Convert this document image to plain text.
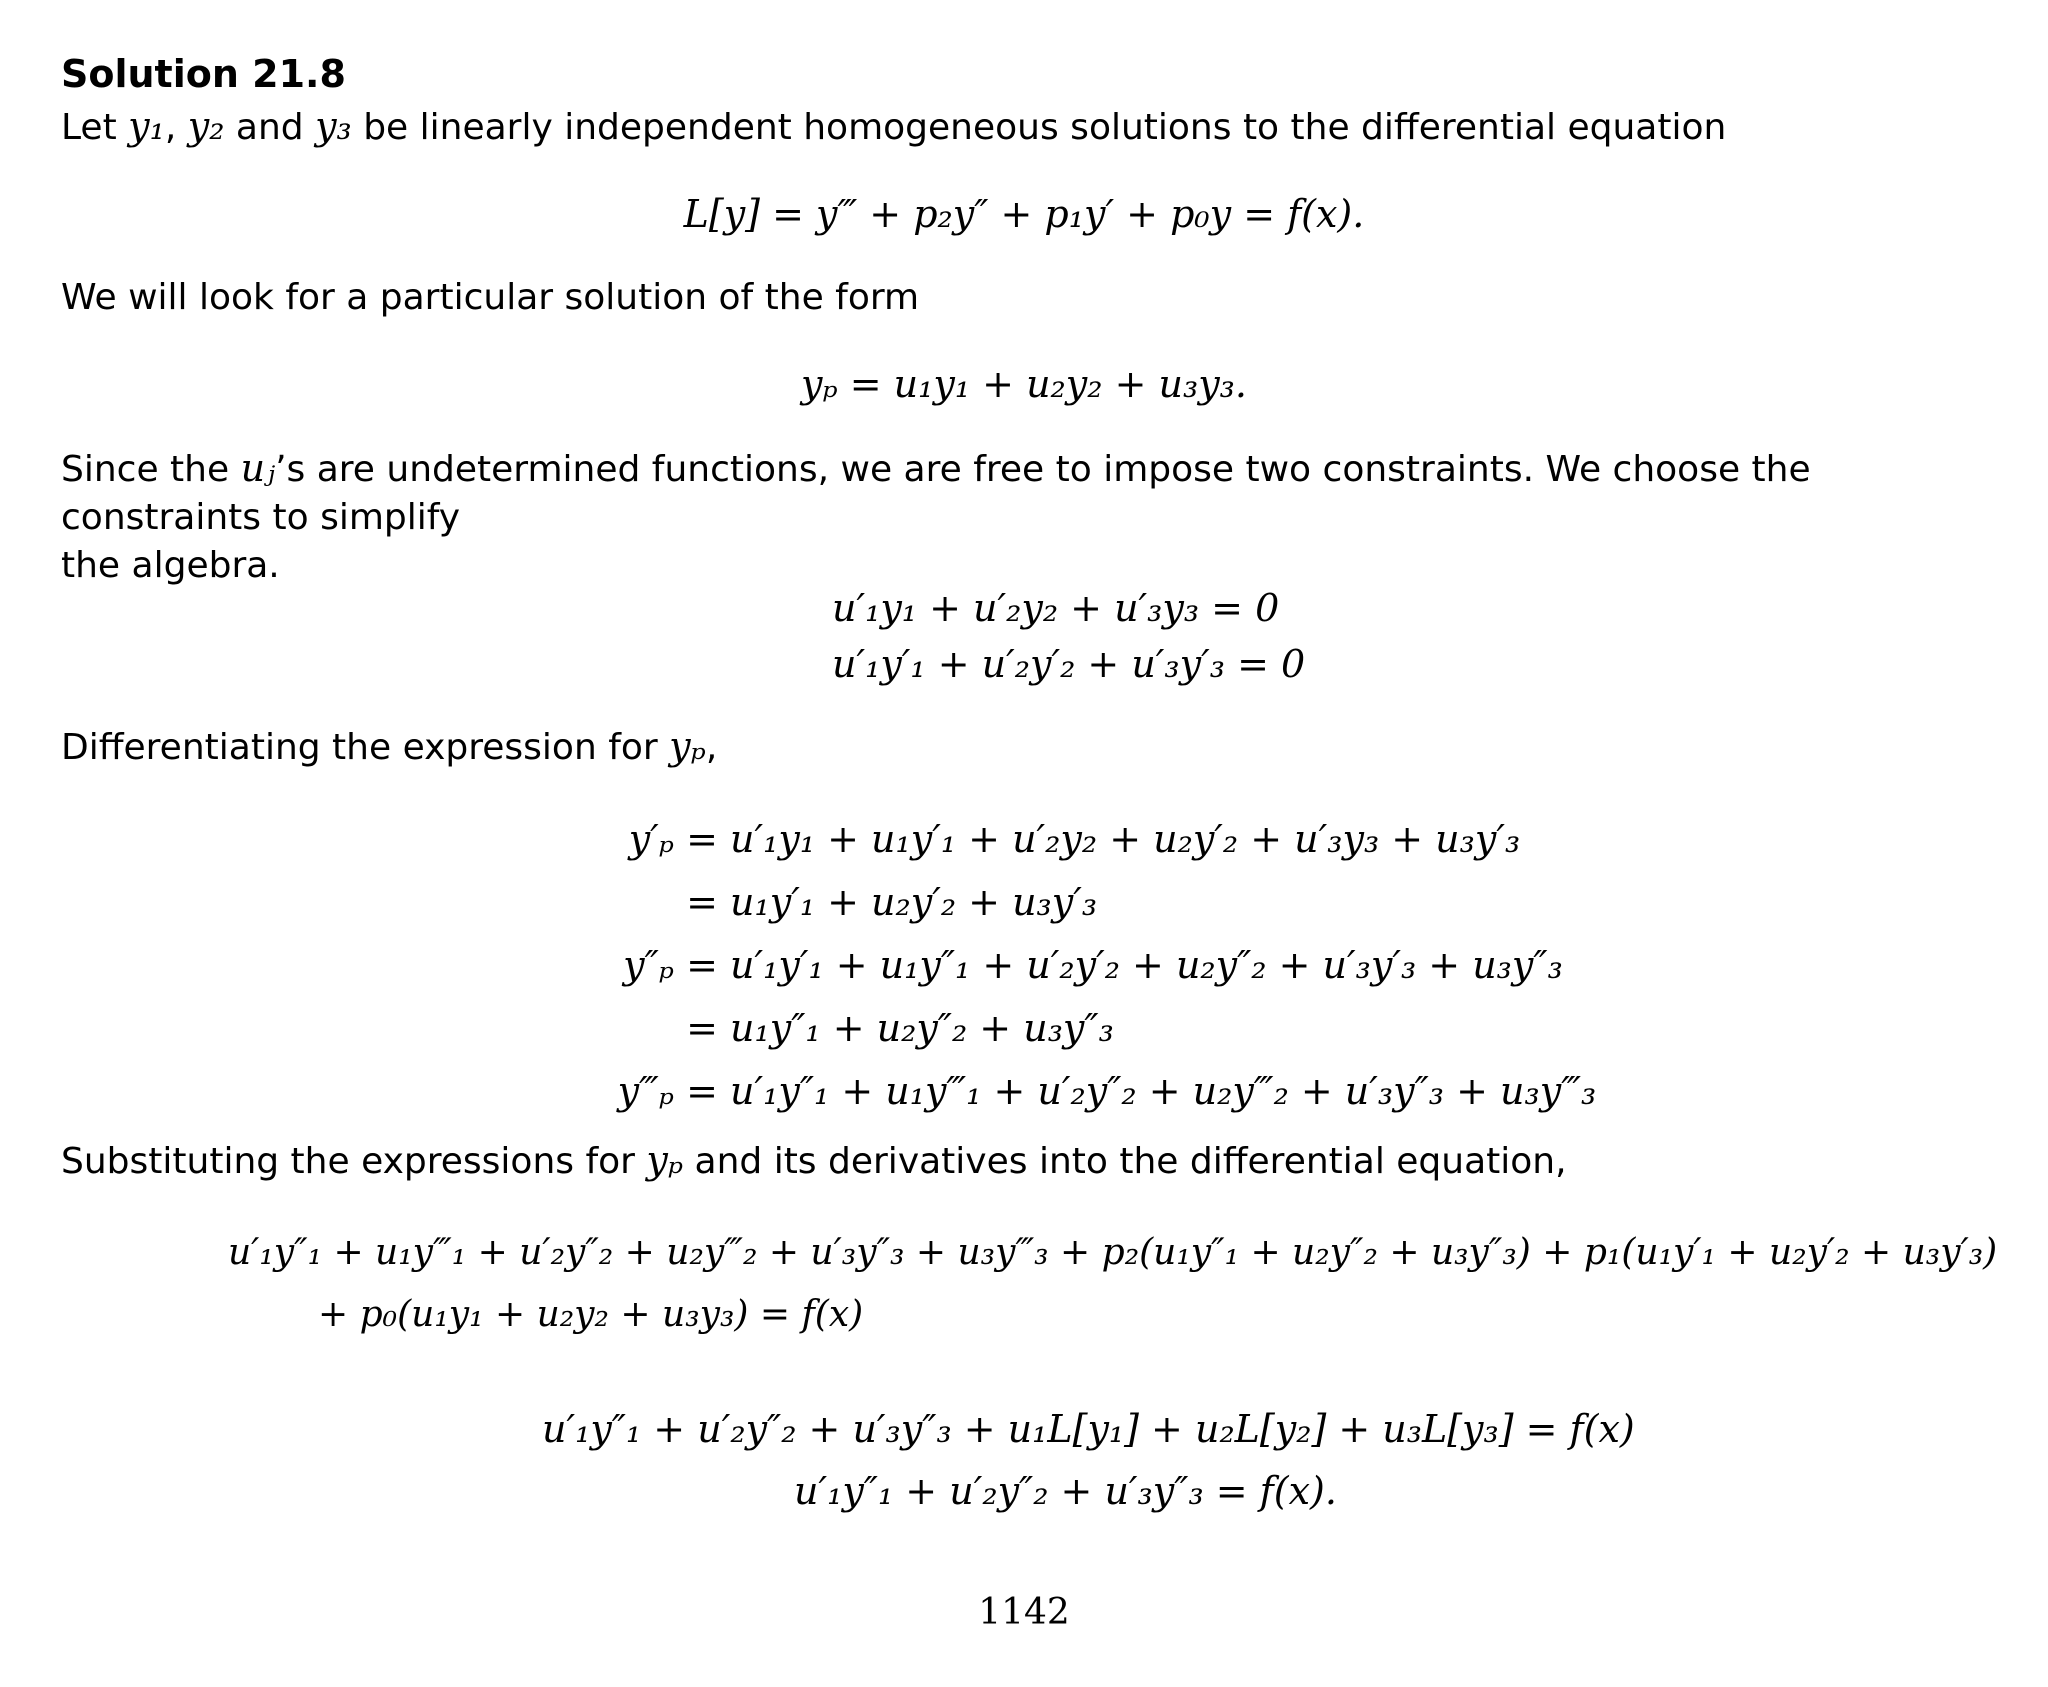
Solution 21.8
Let y₁, y₂ and y₃ be linearly independent homogeneous solutions to the differential equation
L[y] = y‴ + p₂y″ + p₁y′ + p₀y = f(x).
We will look for a particular solution of the form
yₚ = u₁y₁ + u₂y₂ + u₃y₃.
Since the uⱼ’s are undetermined functions, we are free to impose two constraints. We choose the constraints to simplify
the algebra.
u′₁y₁ + u′₂y₂ + u′₃y₃ = 0
u′₁y′₁ + u′₂y′₂ + u′₃y′₃ = 0
Differentiating the expression for yₚ,
y′ₚ = u′₁y₁ + u₁y′₁ + u′₂y₂ + u₂y′₂ + u′₃y₃ + u₃y′₃
= u₁y′₁ + u₂y′₂ + u₃y′₃
y″ₚ = u′₁y′₁ + u₁y″₁ + u′₂y′₂ + u₂y″₂ + u′₃y′₃ + u₃y″₃
= u₁y″₁ + u₂y″₂ + u₃y″₃
y‴ₚ = u′₁y″₁ + u₁y‴₁ + u′₂y″₂ + u₂y‴₂ + u′₃y″₃ + u₃y‴₃
Substituting the expressions for yₚ and its derivatives into the differential equation,
u′₁y″₁ + u₁y‴₁ + u′₂y″₂ + u₂y‴₂ + u′₃y″₃ + u₃y‴₃ + p₂(u₁y″₁ + u₂y″₂ + u₃y″₃) + p₁(u₁y′₁ + u₂y′₂ + u₃y′₃)
+ p₀(u₁y₁ + u₂y₂ + u₃y₃) = f(x)
u′₁y″₁ + u′₂y″₂ + u′₃y″₃ + u₁L[y₁] + u₂L[y₂] + u₃L[y₃] = f(x)
u′₁y″₁ + u′₂y″₂ + u′₃y″₃ = f(x).
1142
